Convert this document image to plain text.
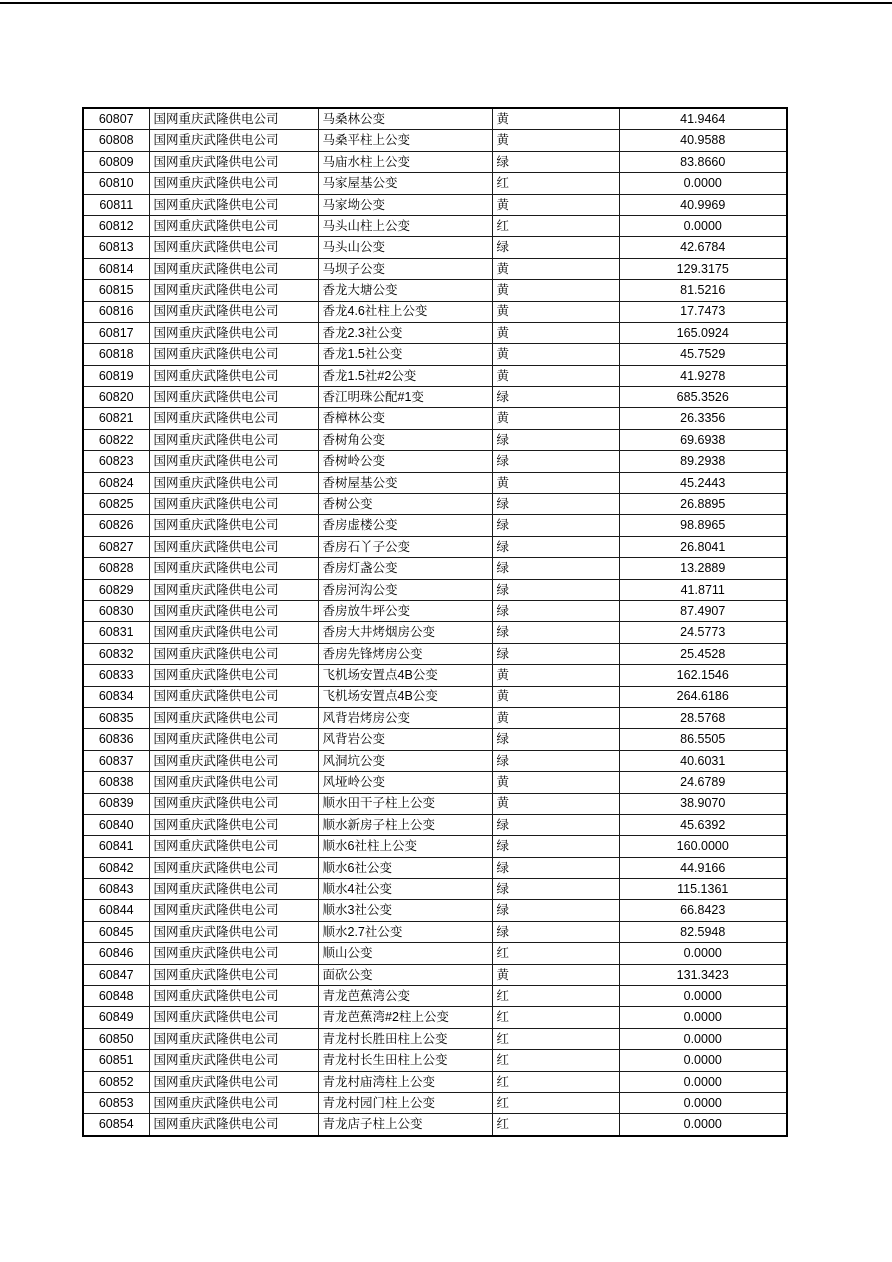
60807	国网重庆武隆供电公司	马桑林公变	黄	41.9464
60808	国网重庆武隆供电公司	马桑平柱上公变	黄	40.9588
60809	国网重庆武隆供电公司	马庙水柱上公变	绿	83.8660
60810	国网重庆武隆供电公司	马家屋基公变	红	0.0000
60811	国网重庆武隆供电公司	马家坳公变	黄	40.9969
60812	国网重庆武隆供电公司	马头山柱上公变	红	0.0000
60813	国网重庆武隆供电公司	马头山公变	绿	42.6784
60814	国网重庆武隆供电公司	马坝子公变	黄	129.3175
60815	国网重庆武隆供电公司	香龙大塘公变	黄	81.5216
60816	国网重庆武隆供电公司	香龙4.6社柱上公变	黄	17.7473
60817	国网重庆武隆供电公司	香龙2.3社公变	黄	165.0924
60818	国网重庆武隆供电公司	香龙1.5社公变	黄	45.7529
60819	国网重庆武隆供电公司	香龙1.5社#2公变	黄	41.9278
60820	国网重庆武隆供电公司	香江明珠公配#1变	绿	685.3526
60821	国网重庆武隆供电公司	香樟林公变	黄	26.3356
60822	国网重庆武隆供电公司	香树角公变	绿	69.6938
60823	国网重庆武隆供电公司	香树岭公变	绿	89.2938
60824	国网重庆武隆供电公司	香树屋基公变	黄	45.2443
60825	国网重庆武隆供电公司	香树公变	绿	26.8895
60826	国网重庆武隆供电公司	香房虚楼公变	绿	98.8965
60827	国网重庆武隆供电公司	香房石丫子公变	绿	26.8041
60828	国网重庆武隆供电公司	香房灯盏公变	绿	13.2889
60829	国网重庆武隆供电公司	香房河沟公变	绿	41.8711
60830	国网重庆武隆供电公司	香房放牛坪公变	绿	87.4907
60831	国网重庆武隆供电公司	香房大井烤烟房公变	绿	24.5773
60832	国网重庆武隆供电公司	香房先锋烤房公变	绿	25.4528
60833	国网重庆武隆供电公司	飞机场安置点4B公变	黄	162.1546
60834	国网重庆武隆供电公司	飞机场安置点4B公变	黄	264.6186
60835	国网重庆武隆供电公司	风背岩烤房公变	黄	28.5768
60836	国网重庆武隆供电公司	风背岩公变	绿	86.5505
60837	国网重庆武隆供电公司	风洞坑公变	绿	40.6031
60838	国网重庆武隆供电公司	风垭岭公变	黄	24.6789
60839	国网重庆武隆供电公司	顺水田干子柱上公变	黄	38.9070
60840	国网重庆武隆供电公司	顺水新房子柱上公变	绿	45.6392
60841	国网重庆武隆供电公司	顺水6社柱上公变	绿	160.0000
60842	国网重庆武隆供电公司	顺水6社公变	绿	44.9166
60843	国网重庆武隆供电公司	顺水4社公变	绿	115.1361
60844	国网重庆武隆供电公司	顺水3社公变	绿	66.8423
60845	国网重庆武隆供电公司	顺水2.7社公变	绿	82.5948
60846	国网重庆武隆供电公司	顺山公变	红	0.0000
60847	国网重庆武隆供电公司	面砍公变	黄	131.3423
60848	国网重庆武隆供电公司	青龙芭蕉湾公变	红	0.0000
60849	国网重庆武隆供电公司	青龙芭蕉湾#2柱上公变	红	0.0000
60850	国网重庆武隆供电公司	青龙村长胜田柱上公变	红	0.0000
60851	国网重庆武隆供电公司	青龙村长生田柱上公变	红	0.0000
60852	国网重庆武隆供电公司	青龙村庙湾柱上公变	红	0.0000
60853	国网重庆武隆供电公司	青龙村园门柱上公变	红	0.0000
60854	国网重庆武隆供电公司	青龙店子柱上公变	红	0.0000
